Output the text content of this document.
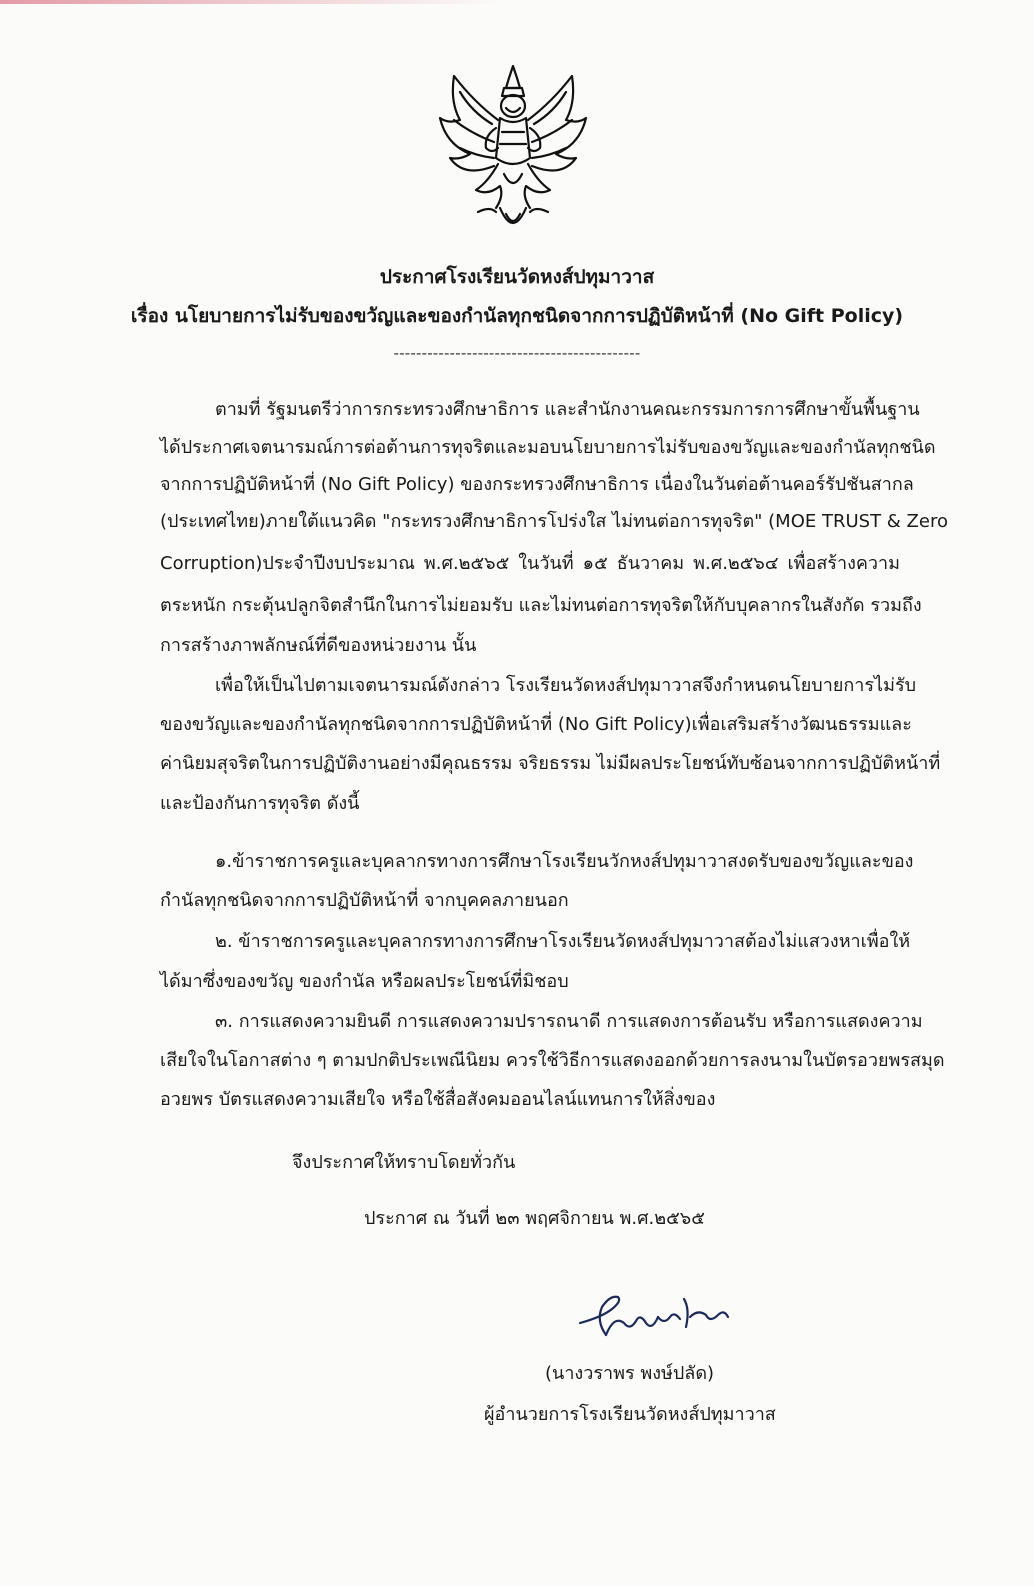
ประกาศโรงเรียนวัดหงส์ปทุมาวาส
เรื่อง นโยบายการไม่รับของขวัญและของกำนัลทุกชนิดจากการปฏิบัติหน้าที่ (No Gift Policy)
--------------------------------------------
ตามที่ รัฐมนตรีว่าการกระทรวงศึกษาธิการ และสำนักงานคณะกรรมการการศึกษาขั้นพื้นฐาน
ได้ประกาศเจตนารมณ์การต่อต้านการทุจริตและมอบนโยบายการไม่รับของขวัญและของกำนัลทุกชนิด
จากการปฏิบัติหน้าที่ (No Gift Policy) ของกระทรวงศึกษาธิการ เนื่องในวันต่อต้านคอร์รัปชันสากล
(ประเทศไทย)ภายใต้แนวคิด "กระทรวงศึกษาธิการโปร่งใส ไม่ทนต่อการทุจริต" (MOE TRUST & Zero
Corruption)ประจำปีงบประมาณ พ.ศ.๒๕๖๕ ในวันที่ ๑๕ ธันวาคม พ.ศ.๒๕๖๔ เพื่อสร้างความ
ตระหนัก กระตุ้นปลูกจิตสำนึกในการไม่ยอมรับ และไม่ทนต่อการทุจริตให้กับบุคลากรในสังกัด รวมถึง
การสร้างภาพลักษณ์ที่ดีของหน่วยงาน นั้น
เพื่อให้เป็นไปตามเจตนารมณ์ดังกล่าว โรงเรียนวัดหงส์ปทุมาวาสจึงกำหนดนโยบายการไม่รับ
ของขวัญและของกำนัลทุกชนิดจากการปฏิบัติหน้าที่ (No Gift Policy)เพื่อเสริมสร้างวัฒนธรรมและ
ค่านิยมสุจริตในการปฏิบัติงานอย่างมีคุณธรรม จริยธรรม ไม่มีผลประโยชน์ทับซ้อนจากการปฏิบัติหน้าที่
และป้องกันการทุจริต ดังนี้
๑.ข้าราชการครูและบุคลากรทางการศึกษาโรงเรียนวักหงส์ปทุมาวาสงดรับของขวัญและของ
กำนัลทุกชนิดจากการปฏิบัติหน้าที่ จากบุคคลภายนอก
๒. ข้าราชการครูและบุคลากรทางการศึกษาโรงเรียนวัดหงส์ปทุมาวาสต้องไม่แสวงหาเพื่อให้
ได้มาซึ่งของขวัญ ของกำนัล หรือผลประโยชน์ที่มิชอบ
๓. การแสดงความยินดี การแสดงความปรารถนาดี การแสดงการต้อนรับ หรือการแสดงความ
เสียใจในโอกาสต่าง ๆ ตามปกติประเพณีนิยม ควรใช้วิธีการแสดงออกด้วยการลงนามในบัตรอวยพรสมุด
อวยพร บัตรแสดงความเสียใจ หรือใช้สื่อสังคมออนไลน์แทนการให้สิ่งของ
จึงประกาศให้ทราบโดยทั่วกัน
ประกาศ ณ วันที่ ๒๓ พฤศจิกายน พ.ศ.๒๕๖๕
(นางวราพร พงษ์ปลัด)
ผู้อำนวยการโรงเรียนวัดหงส์ปทุมาวาส
